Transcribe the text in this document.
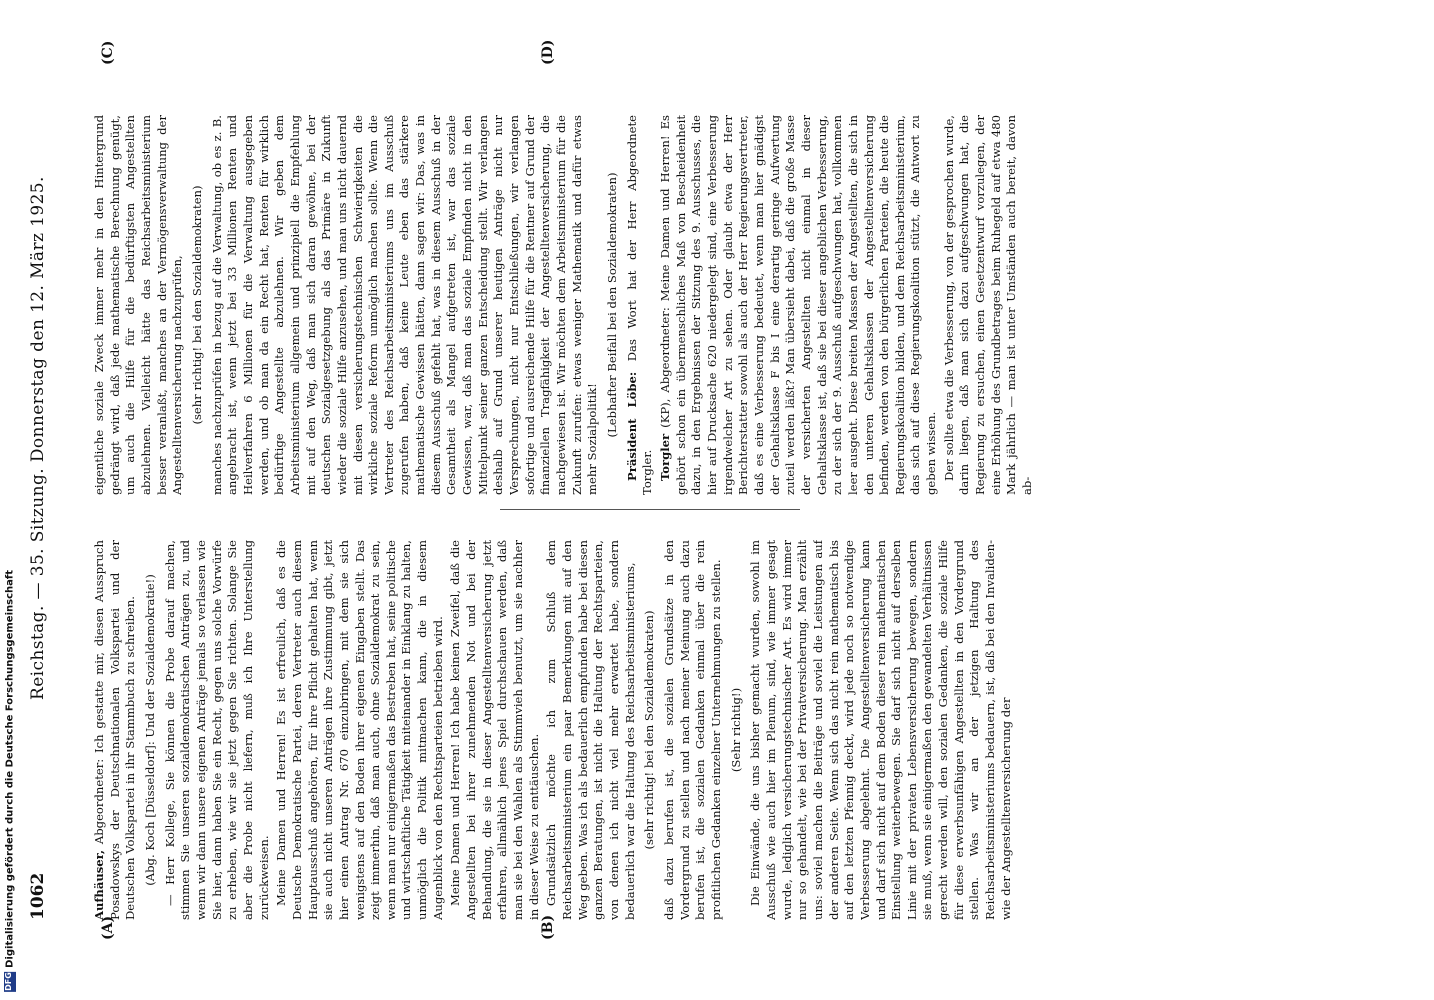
1062
Reichstag. — 35. Sitzung. Donnerstag den 12. März 1925.
(A)	(B)
(C)	(D)

Aufhäuser, Abgeordneter: Ich gestatte mir, diesen Ausspruch Posadowskys der Deutschnationalen Volkspartei und der Deutschen Volkspartei in ihr Stammbuch zu schreiben. (Abg. Koch [Düsseldorf]: Und der Sozialdemokratie!) — Herr Kollege, Sie können die Probe darauf machen, stimmen Sie unseren sozialdemokratischen Anträgen zu, und wenn wir dann unsere eigenen Anträge jemals so verlassen wie Sie hier, dann haben Sie ein Recht, gegen uns solche Vorwürfe zu erheben, wie wir sie jetzt gegen Sie richten. Solange Sie aber die Probe nicht liefern, muß ich Ihre Unterstellung zurückweisen. Meine Damen und Herren! Es ist erfreulich, daß es die Deutsche Demokratische Partei, deren Vertreter auch diesem Hauptausschuß angehören, für ihre Pflicht gehalten hat, wenn sie auch nicht unseren Anträgen ihre Zustimmung gibt, jetzt hier einen Antrag Nr. 670 einzubringen, mit dem sie sich wenigstens auf den Boden ihrer eigenen Eingaben stellt. Das zeigt immerhin, daß man auch, ohne Sozialdemokrat zu sein, wenn man nur einigermaßen das Bestreben hat, seine politische und wirtschaftliche Tätigkeit miteinander in Einklang zu halten, unmöglich die Politik mitmachen kann, die in diesem Augenblick von den Rechtsparteien betrieben wird. Meine Damen und Herren! Ich habe keinen Zweifel, daß die Angestellten bei ihrer zunehmenden Not und bei der Behandlung, die sie in dieser Angestelltenversicherung jetzt erfahren, allmählich jenes Spiel durchschauen werden, daß man sie bei den Wahlen als Stimmvieh benutzt, um sie nachher in dieser Weise zu enttäuschen. Grundsätzlich möchte ich zum Schluß dem Reichsarbeitsministerium ein paar Bemerkungen mit auf den Weg geben. Was ich als bedauerlich empfunden habe bei diesen ganzen Beratungen, ist nicht die Haltung der Rechtsparteien, von denen ich nicht viel mehr erwartet habe, sondern bedauerlich war die Haltung des Reichsarbeitsministeriums, (sehr richtig! bei den Sozialdemokraten) daß dazu berufen ist, die sozialen Grundsätze in den Vordergrund zu stellen und nach meiner Meinung auch dazu berufen ist, die sozialen Gedanken einmal über die rein profitlichen Gedanken einzelner Unternehmungen zu stellen. (Sehr richtig!) Die Einwände, die uns bisher gemacht wurden, sowohl im Ausschuß wie auch hier im Plenum, sind, wie immer gesagt wurde, lediglich versicherungstechnischer Art. Es wird immer nur so gehandelt, wie bei der Privatversicherung. Man erzählt uns: soviel machen die Beiträge und soviel die Leistungen auf der anderen Seite. Wenn sich das nicht rein mathematisch bis auf den letzten Pfennig deckt, wird jede noch so notwendige Verbesserung abgelehnt. Die Angestelltenversicherung kann und darf sich nicht auf dem Boden dieser rein mathematischen Einstellung weiterbewegen. Sie darf sich nicht auf derselben Linie mit der privaten Lebensversicherung bewegen, sondern sie muß, wenn sie einigermaßen den gewandelten Verhältnissen gerecht werden will, den sozialen Gedanken, die soziale Hilfe für diese erwerbsunfähigen Angestellten in den Vordergrund stellen. Was wir an der jetzigen Haltung des Reichsarbeitsministeriums bedauern, ist, daß bei den Invaliden- wie der Angestelltenversicherung der

eigentliche soziale Zweck immer mehr in den Hintergrund gedrängt wird, daß jede mathematische Berechnung genügt, um auch die Hilfe für die bedürftigsten Angestellten abzulehnen. Vielleicht hätte das Reichsarbeitsministerium besser veranlaßt, manches an der Vermögensverwaltung der Angestelltenversicherung nachzuprüfen, (sehr richtig! bei den Sozialdemokraten) manches nachzuprüfen in bezug auf die Verwaltung, ob es z. B. angebracht ist, wenn jetzt bei 33 Millionen Renten und Heilverfahren 6 Millionen für die Verwaltung ausgegeben werden, und ob man da ein Recht hat, Renten für wirklich bedürftige Angestellte abzulehnen. Wir geben dem Arbeitsministerium allgemein und prinzipiell die Empfehlung mit auf den Weg, daß man sich daran gewöhne, bei der deutschen Sozialgesetzgebung als das Primäre in Zukunft wieder die soziale Hilfe anzusehen, und man uns nicht dauernd mit diesen versicherungstechnischen Schwierigkeiten die wirkliche soziale Reform unmöglich machen sollte. Wenn die Vertreter des Reichsarbeitsministeriums uns im Ausschuß zugerufen haben, daß keine Leute eben das stärkere mathematische Gewissen hätten, dann sagen wir: Das, was in diesem Ausschuß gefehlt hat, was in diesem Ausschuß in der Gesamtheit als Mangel aufgetreten ist, war das soziale Gewissen, war, daß man das soziale Empfinden nicht in den Mittelpunkt seiner ganzen Entscheidung stellt. Wir verlangen deshalb auf Grund unserer heutigen Anträge nicht nur Versprechungen, nicht nur Entschließungen, wir verlangen sofortige und ausreichende Hilfe für die Rentner auf Grund der finanziellen Tragfähigkeit der Angestelltenversicherung, die nachgewiesen ist. Wir möchten dem Arbeitsministerium für die Zukunft zurufen: etwas weniger Mathematik und dafür etwas mehr Sozialpolitik!

(Lebhafter Beifall bei den Sozialdemokraten) Präsident Löbe: Das Wort hat der Herr Abgeordnete Torgler. Torgler (KP), Abgeordneter: Meine Damen und Herren! Es gehört schon ein übermenschliches Maß von Bescheidenheit dazu, in den Ergebnissen der Sitzung des 9. Ausschusses, die hier auf Drucksache 620 niedergelegt sind, eine Verbesserung irgendwelcher Art zu sehen. Oder glaubt etwa der Herr Berichterstatter sowohl als auch der Herr Regierungsvertreter, daß es eine Verbesserung bedeutet, wenn man hier gnädigst der Gehaltsklasse F bis I eine derartig geringe Aufwertung zuteil werden läßt? Man übersieht dabei, daß die große Masse der versicherten Angestellten nicht einmal in dieser Gehaltsklasse ist, daß sie bei dieser angeblichen Verbesserung, zu der sich der 9. Ausschuß aufgeschwungen hat, vollkommen leer ausgeht. Diese breiten Massen der Angestellten, die sich in den unteren Gehaltsklassen der Angestelltenversicherung befinden, werden von den bürgerlichen Parteien, die heute die Regierungskoalition bilden, und dem Reichsarbeitsministerium, das sich auf diese Regierungskoalition stützt, die Antwort zu geben wissen. Der sollte etwa die Verbesserung, von der gesprochen wurde, darin liegen, daß man sich dazu aufgeschwungen hat, die Regierung zu ersuchen, einen Gesetzentwurf vorzulegen, der eine Erhöhung des Grundbetrages beim Ruhegeld auf etwa 480 Mark jährlich — man ist unter Umständen auch bereit, davon ab-

DFG
Digitalisierung gefördert durch die Deutsche Forschungsgemeinschaft
